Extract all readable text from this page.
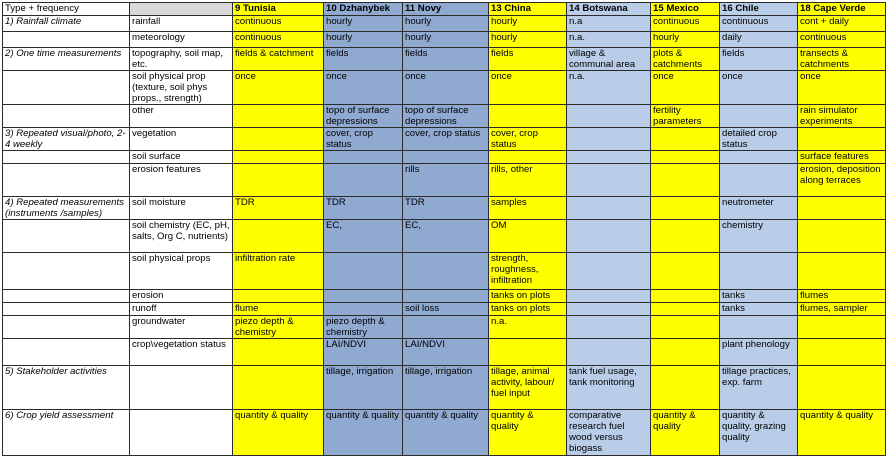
Type + frequency		9 Tunisia	10 Dzhanybek	11 Novy	13 China	14 Botswana	15 Mexico	16 Chile	18 Cape Verde
1) Rainfall climate	rainfall	continuous	hourly	hourly	hourly	n.a	continuous	continuous	cont + daily
	meteorology	continuous	hourly	hourly	hourly	n.a.	hourly	daily	continuous
2) One time measurements	topography, soil map, etc.	fields & catchment	fields	fields	fields	village & communal area	plots & catchments	fields	transects & catchments
	soil physical prop (texture, soil phys props., strength)	once	once	once	once	n.a.	once	once	once
	other		topo of surface depressions	topo of surface depressions			fertility parameters		rain simulator experiments
3) Repeated visual/photo, 2-4 weekly	vegetation		cover, crop status	cover, crop status	cover, crop status			detailed crop status	
	soil surface								surface features
	erosion features			rills	rills, other				erosion, deposition along terraces
4) Repeated measurements (instruments /samples)	soil moisture	TDR	TDR	TDR	samples			neutrometer	
	soil chemistry (EC, pH, salts, Org C, nutrients)		EC,	EC,	OM			chemistry	
	soil physical props	infiltration rate			strength, roughness, infiltration				
	erosion				tanks on plots			tanks	flumes
	runoff	flume		soil loss	tanks on plots			tanks	flumes, sampler
	groundwater	piezo depth & chemistry	piezo depth & chemistry		n.a.				
	crop\vegetation status		LAI/NDVI	LAI/NDVI				plant phenology	
5) Stakeholder activities			tillage, irrigation	tillage, irrigation	tillage, animal activity, labour/ fuel input	tank fuel usage, tank monitoring		tillage practices, exp. farm	
6) Crop yield assessment		quantity & quality	quantity & quality	quantity & quality	quantity & quality	comparative research fuel wood versus biogass	quantity & quality	quantity & quality, grazing quality	quantity & quality
